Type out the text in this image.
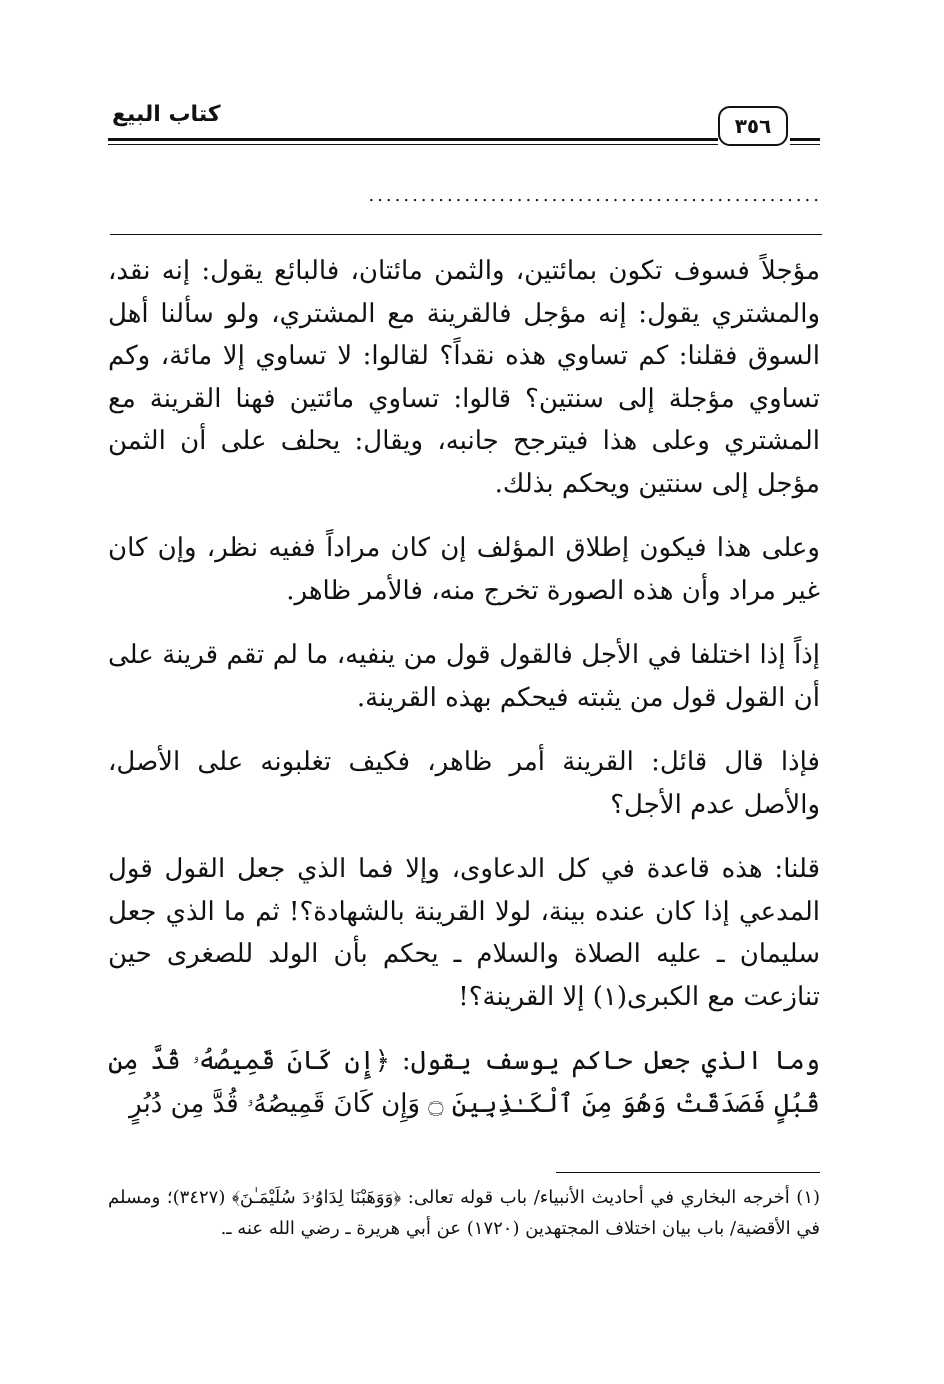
كتاب البيع	٣٥٦
....................................................

مؤجلاً فسوف تكون بمائتين، والثمن مائتان، فالبائع يقول: إنه نقد، والمشتري يقول: إنه مؤجل فالقرينة مع المشتري، ولو سألنا أهل السوق فقلنا: كم تساوي هذه نقداً؟ لقالوا: لا تساوي إلا مائة، وكم تساوي مؤجلة إلى سنتين؟ قالوا: تساوي مائتين فهنا القرينة مع المشتري وعلى هذا فيترجح جانبه، ويقال: يحلف على أن الثمن مؤجل إلى سنتين ويحكم بذلك.

وعلى هذا فيكون إطلاق المؤلف إن كان مراداً ففيه نظر، وإن كان غير مراد وأن هذه الصورة تخرج منه، فالأمر ظاهر.

إذاً إذا اختلفا في الأجل فالقول قول من ينفيه، ما لم تقم قرينة على أن القول قول من يثبته فيحكم بهذه القرينة.

فإذا قال قائل: القرينة أمر ظاهر، فكيف تغلبونه على الأصل، والأصل عدم الأجل؟

قلنا: هذه قاعدة في كل الدعاوى، وإلا فما الذي جعل القول قول المدعي إذا كان عنده بينة، لولا القرينة بالشهادة؟! ثم ما الذي جعل سليمان ـ عليه الصلاة والسلام ـ يحكم بأن الولد للصغرى حين تنازعت مع الكبرى(١) إلا القرينة؟!

وما الذي جعل حاكم يوسف يقول: ﴿إِن كَانَ قَمِيصُهُۥ قُدَّ مِن قُبُلٍ فَصَدَقَتْ وَهُوَ مِنَ ٱلْكَـٰذِبِينَ ۝ وَإِن كَانَ قَمِيصُهُۥ قُدَّ مِن دُبُرٍ

(١) أخرجه البخاري في أحاديث الأنبياء/ باب قوله تعالى: ﴿وَوَهَبْنَا لِدَاوُۥدَ سُلَيْمَـٰنَ﴾ (٣٤٢٧)؛ ومسلم في الأقضية/ باب بيان اختلاف المجتهدين (١٧٢٠) عن أبي هريرة ـ رضي الله عنه ـ.
